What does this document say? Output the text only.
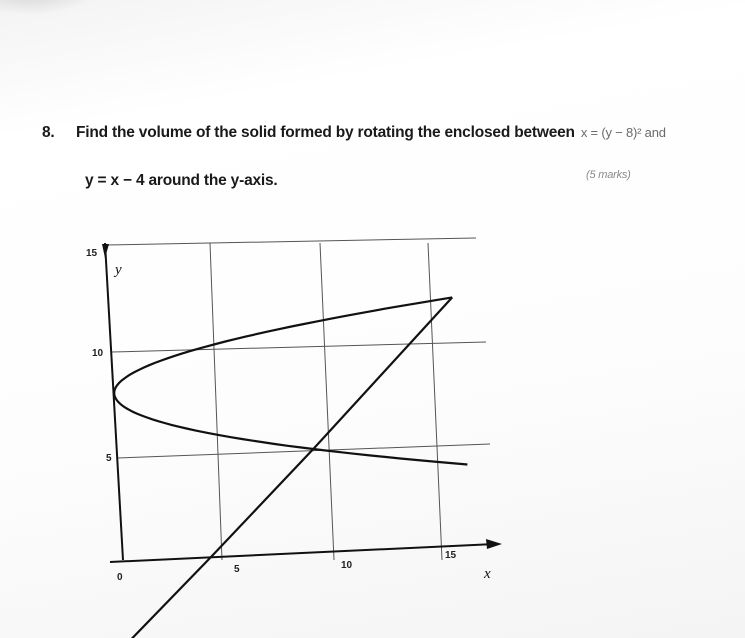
8.	Find the volume of the solid formed by rotating the enclosed between x = (y − 8)² and
y = x − 4 around the y-axis.	(5 marks)
y
x
15
10
5
0
5	10
15
